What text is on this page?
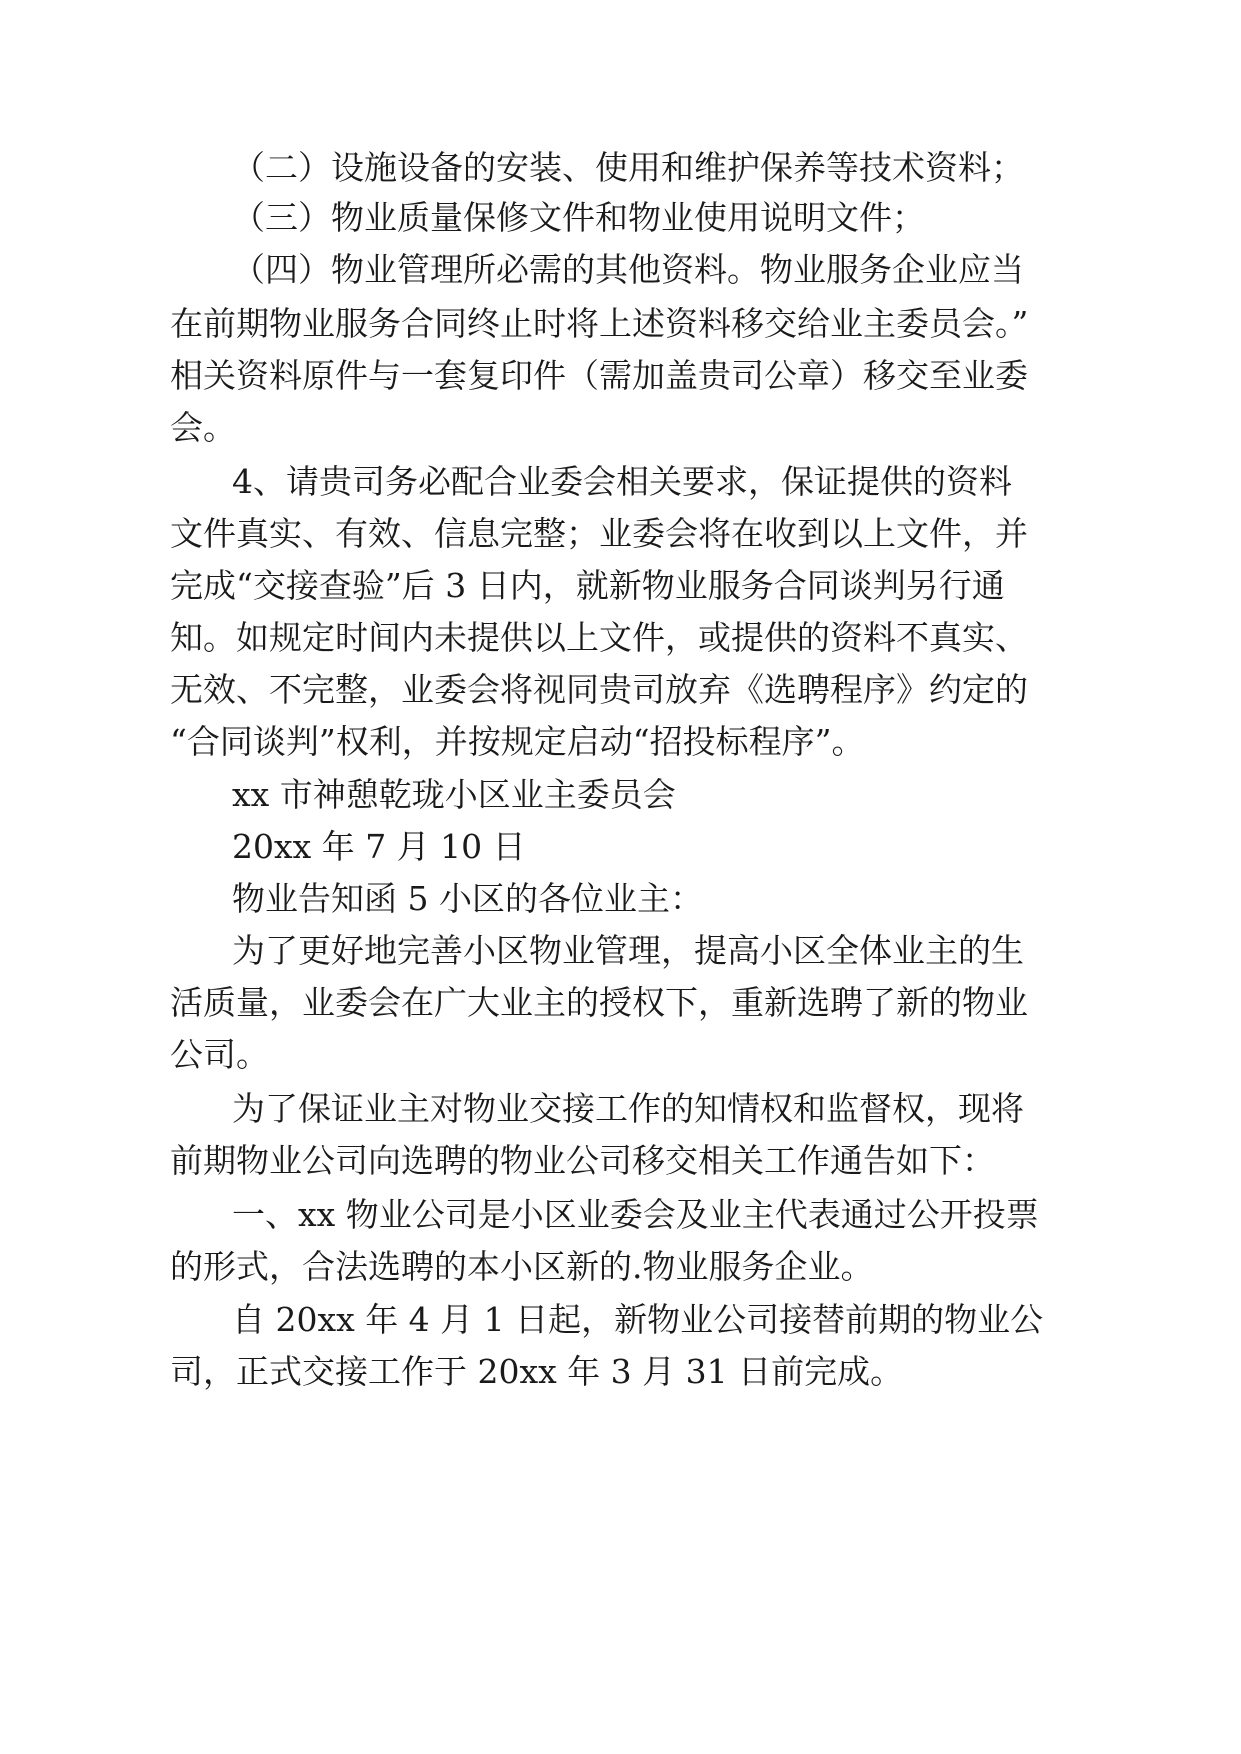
（二）设施设备的安装、使用和维护保养等技术资料；
（三）物业质量保修文件和物业使用说明文件；
（四）物业管理所必需的其他资料。物业服务企业应当
在前期物业服务合同终止时将上述资料移交给业主委员会。”
相关资料原件与一套复印件（需加盖贵司公章）移交至业委
会。
4、请贵司务必配合业委会相关要求，保证提供的资料
文件真实、有效、信息完整；业委会将在收到以上文件，并
完成“交接查验”后 3 日内，就新物业服务合同谈判另行通
知。如规定时间内未提供以上文件，或提供的资料不真实、
无效、不完整，业委会将视同贵司放弃《选聘程序》约定的
“合同谈判”权利，并按规定启动“招投标程序”。
xx 市神憩乾珑小区业主委员会
20xx 年 7 月 10 日
物业告知函 5 小区的各位业主：
为了更好地完善小区物业管理，提高小区全体业主的生
活质量，业委会在广大业主的授权下，重新选聘了新的物业
公司。
为了保证业主对物业交接工作的知情权和监督权，现将
前期物业公司向选聘的物业公司移交相关工作通告如下：
一、xx 物业公司是小区业委会及业主代表通过公开投票
的形式，合法选聘的本小区新的.物业服务企业。
自 20xx 年 4 月 1 日起，新物业公司接替前期的物业公
司，正式交接工作于 20xx 年 3 月 31 日前完成。
